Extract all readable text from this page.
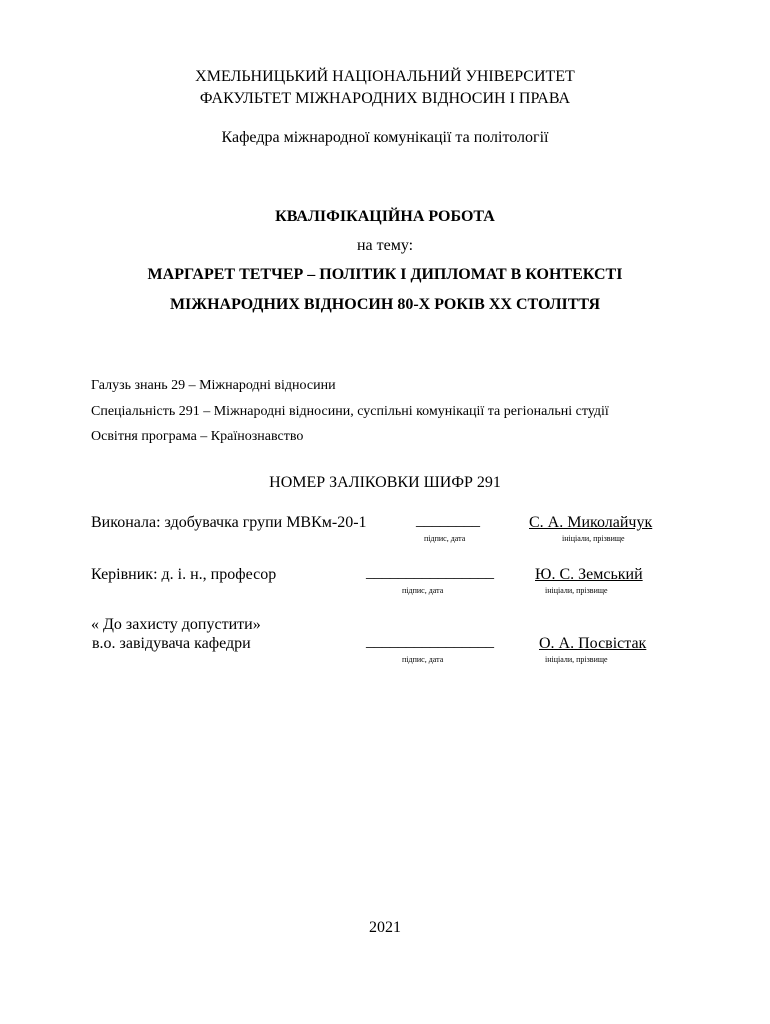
ХМЕЛЬНИЦЬКИЙ НАЦІОНАЛЬНИЙ УНІВЕРСИТЕТ
ФАКУЛЬТЕТ МІЖНАРОДНИХ ВІДНОСИН І ПРАВА
Кафедра міжнародної комунікації та політології
КВАЛІФІКАЦІЙНА РОБОТА
на тему:
МАРГАРЕТ ТЕТЧЕР – ПОЛІТИК І ДИПЛОМАТ В КОНТЕКСТІ
МІЖНАРОДНИХ ВІДНОСИН 80-Х РОКІВ ХХ СТОЛІТТЯ
Галузь знань 29 – Міжнародні відносини
Спеціальність 291 – Міжнародні відносини, суспільні комунікації та регіональні студії
Освітня програма – Країнознавство
НОМЕР ЗАЛІКОВКИ ШИФР 291
Виконала: здобувачка групи МВКм-20-1	________	С. А. Миколайчук
підпис, дата	ініціали, прізвище
Керівник: д. і. н., професор	________________	Ю. С. Земський
підпис, дата	ініціали, прізвище
« До захисту допустити»
в.о. завідувача кафедри	________________	О. А. Посвістак
підпис, дата	ініціали, прізвище
2021
